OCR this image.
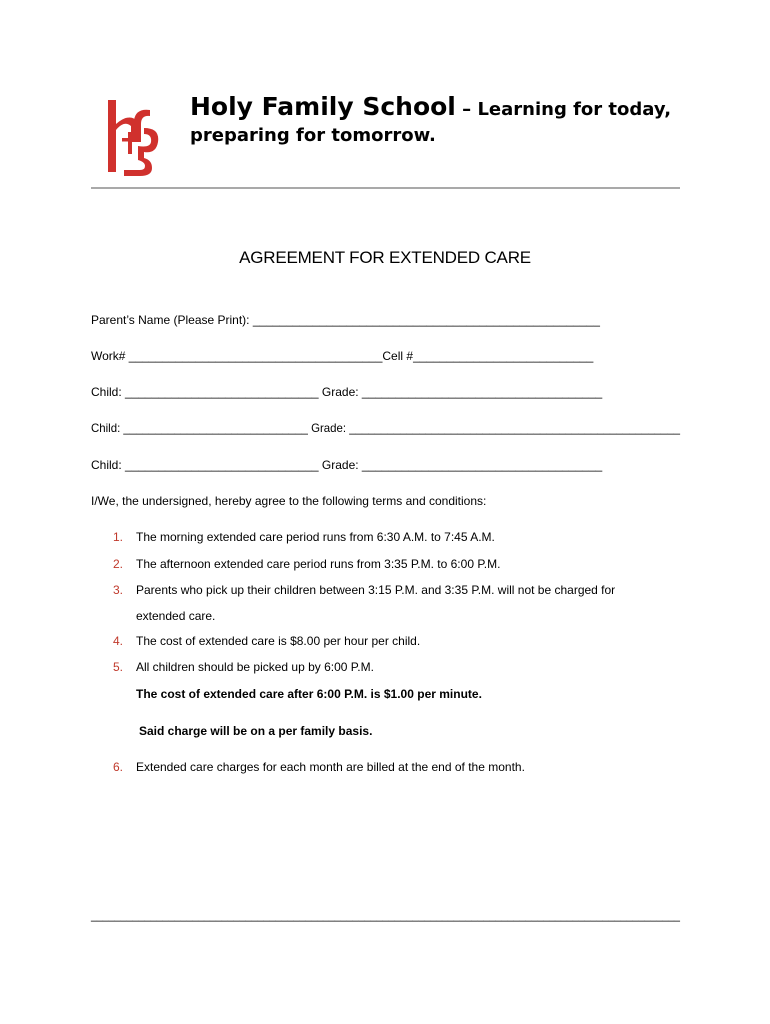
Holy Family School – Learning for today,
preparing for tomorrow.
AGREEMENT FOR EXTENDED CARE
Parent’s Name (Please Print): ____________________________________________________
Work# ______________________________________Cell #___________________________
Child: _____________________________ Grade: ____________________________________
Child: _____________________________ Grade: ____________________________________________________
Child: _____________________________ Grade: ____________________________________
I/We, the undersigned, hereby agree to the following terms and conditions:
1. The morning extended care period runs from 6:30 A.M. to 7:45 A.M.
2. The afternoon extended care period runs from 3:35 P.M. to 6:00 P.M.
3. Parents who pick up their children between 3:15 P.M. and 3:35 P.M. will not be charged for
extended care.
4. The cost of extended care is $8.00 per hour per child.
5. All children should be picked up by 6:00 P.M.
The cost of extended care after 6:00 P.M. is $1.00 per minute.
Said charge will be on a per family basis.
6. Extended care charges for each month are billed at the end of the month.
___________________________________________________________________________________________________
